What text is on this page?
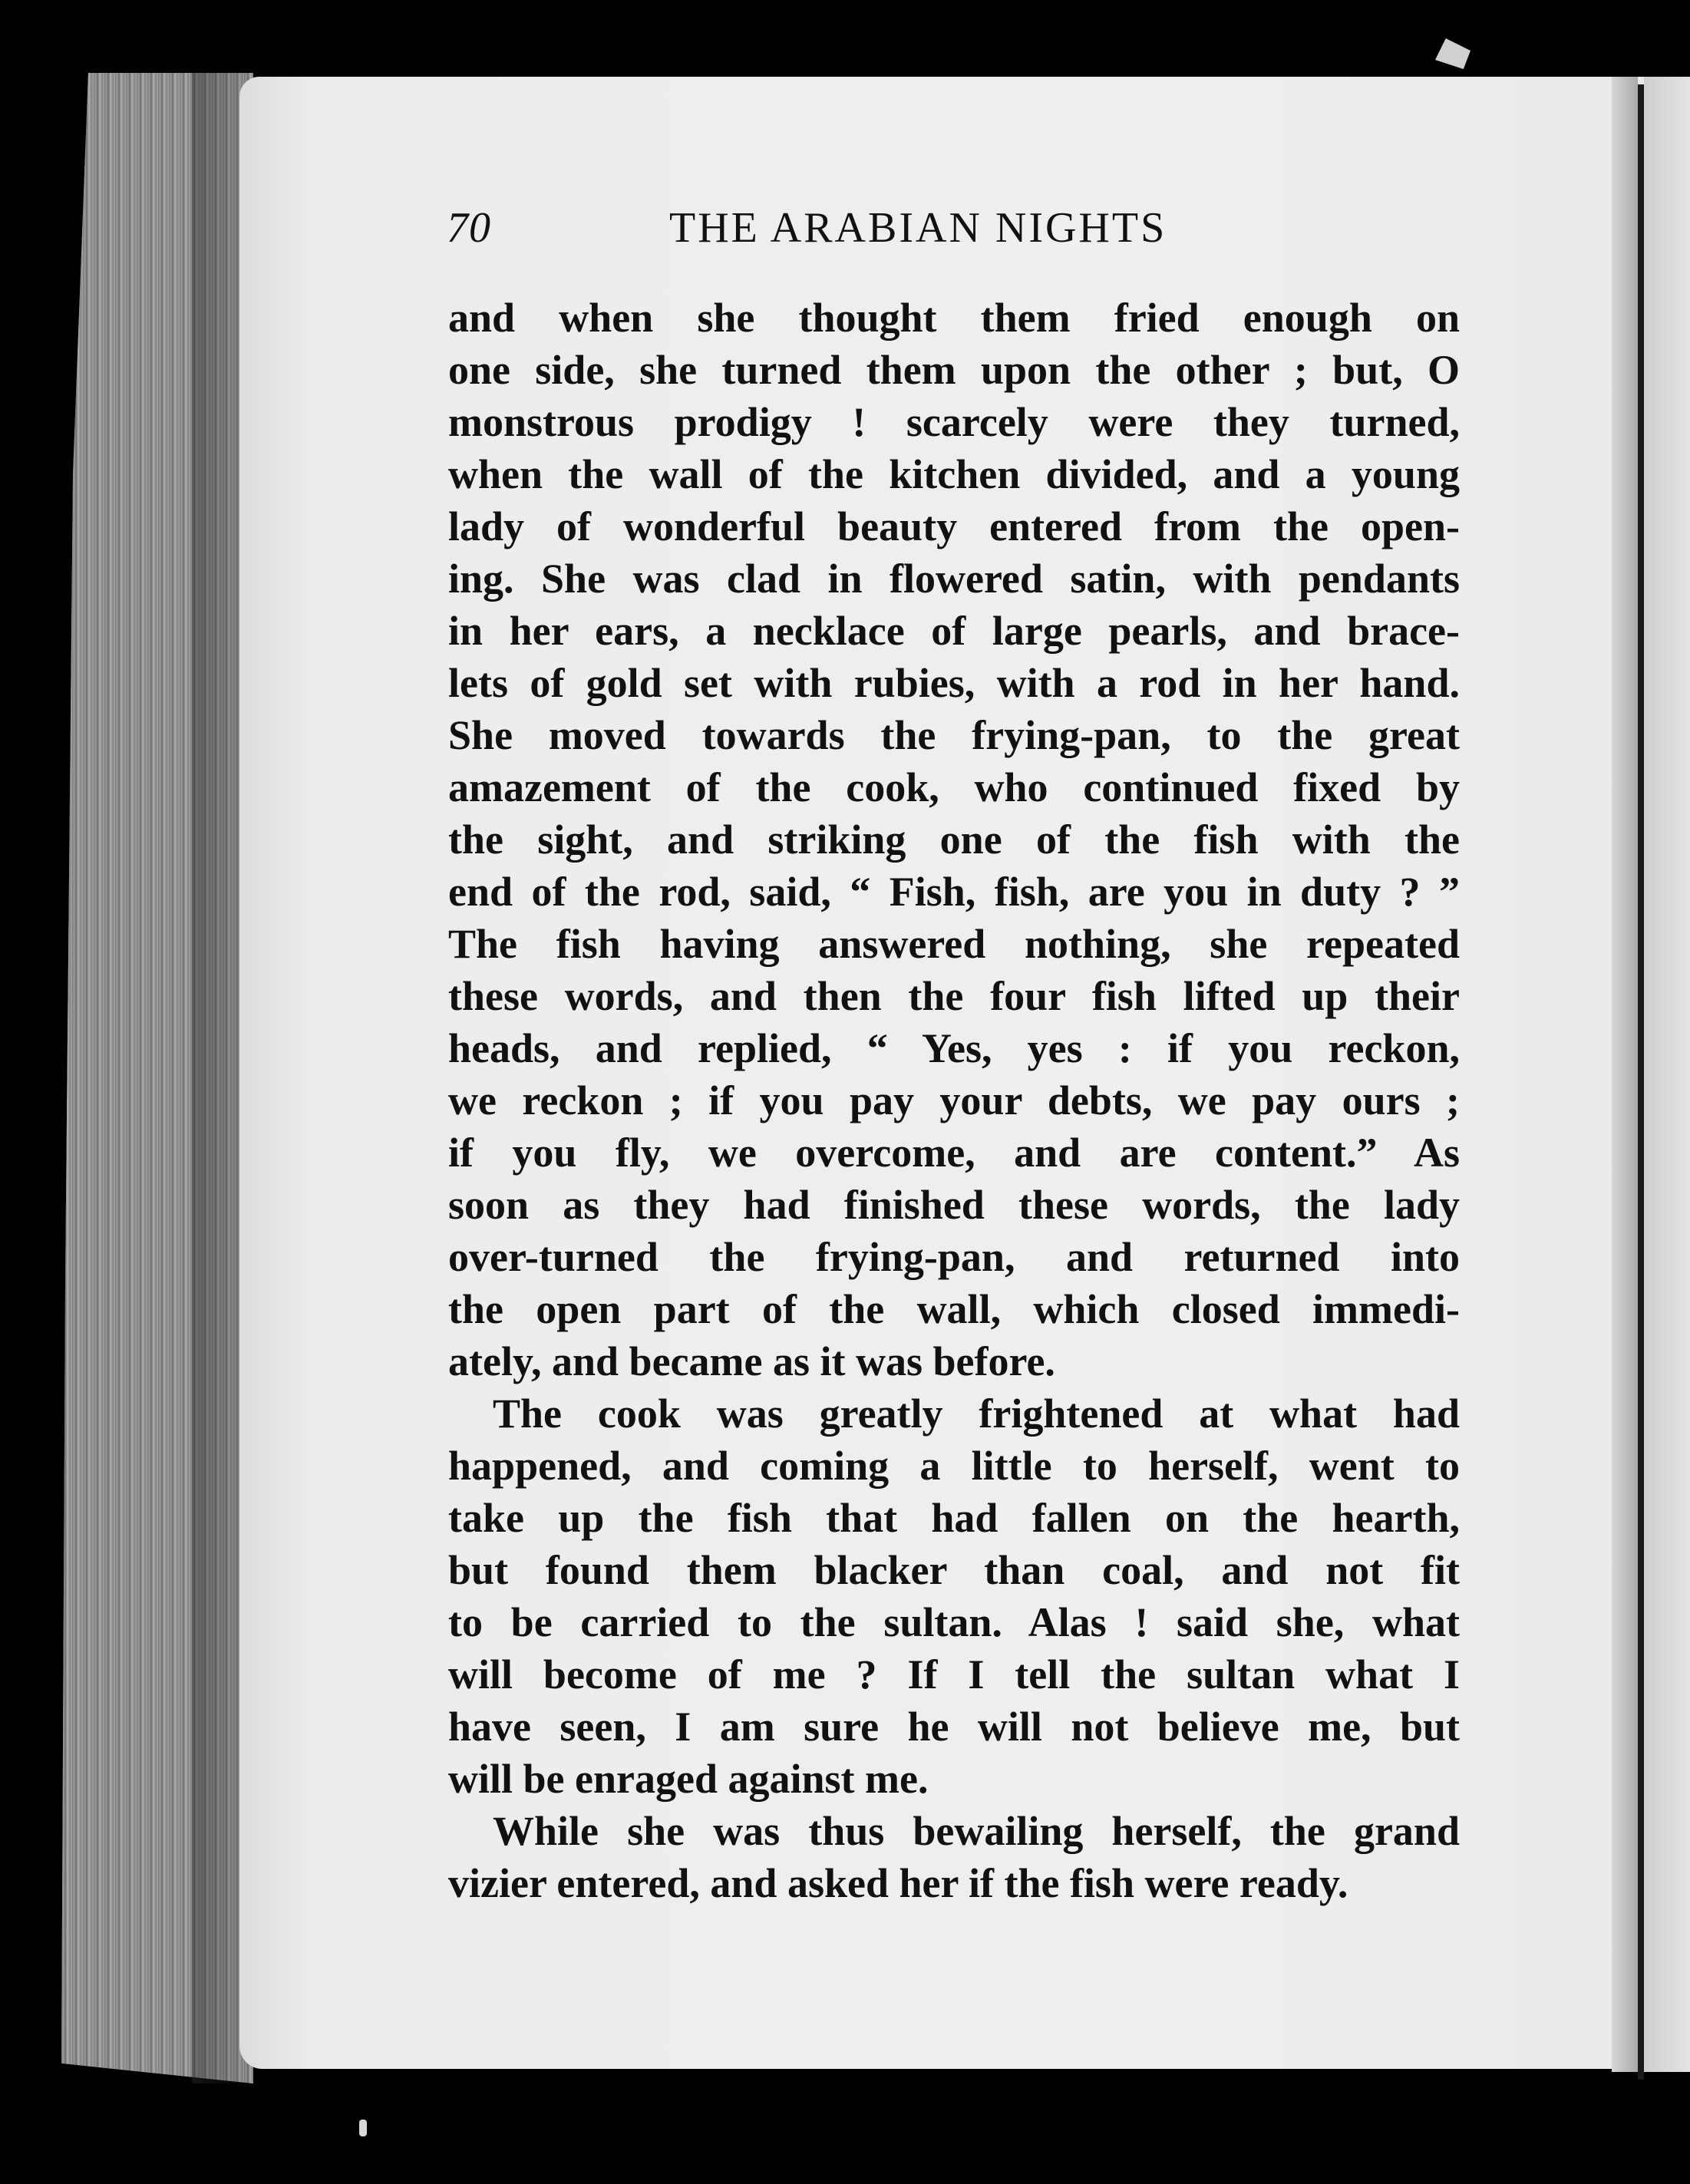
70	THE ARABIAN NIGHTS
and when she thought them fried enough on
one side, she turned them upon the other ; but, O
monstrous prodigy ! scarcely were they turned,
when the wall of the kitchen divided, and a young
lady of wonderful beauty entered from the open-
ing. She was clad in flowered satin, with pendants
in her ears, a necklace of large pearls, and brace-
lets of gold set with rubies, with a rod in her hand.
She moved towards the frying-pan, to the great
amazement of the cook, who continued fixed by
the sight, and striking one of the fish with the
end of the rod, said, “ Fish, fish, are you in duty ? ”
The fish having answered nothing, she repeated
these words, and then the four fish lifted up their
heads, and replied, “ Yes, yes : if you reckon,
we reckon ; if you pay your debts, we pay ours ;
if you fly, we overcome, and are content.” As
soon as they had finished these words, the lady
over-turned the frying-pan, and returned into
the open part of the wall, which closed immedi-
ately, and became as it was before.
The cook was greatly frightened at what had
happened, and coming a little to herself, went to
take up the fish that had fallen on the hearth,
but found them blacker than coal, and not fit
to be carried to the sultan. Alas ! said she, what
will become of me ? If I tell the sultan what I
have seen, I am sure he will not believe me, but
will be enraged against me.
While she was thus bewailing herself, the grand
vizier entered, and asked her if the fish were ready.
